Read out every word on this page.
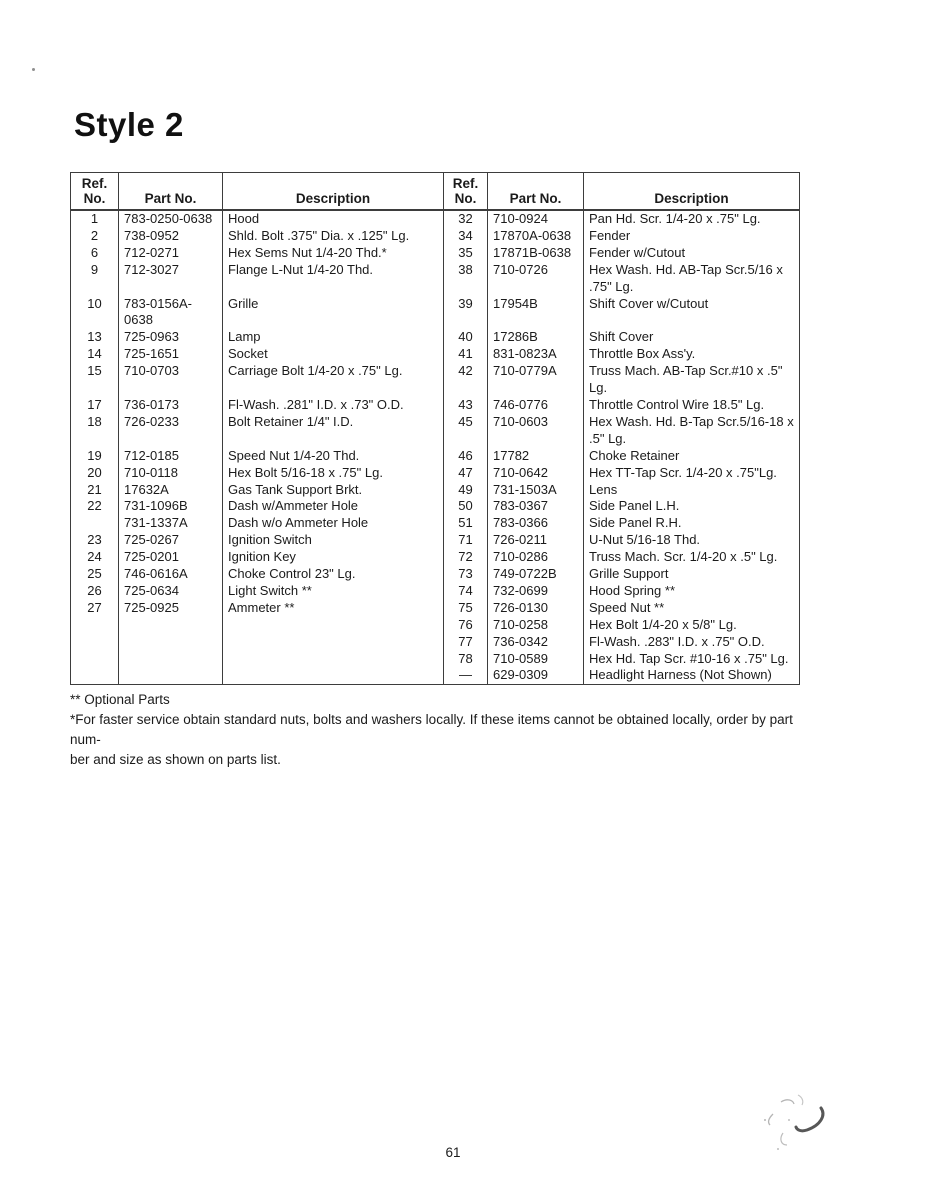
Style 2
Ref.
No.	Part No.	Description	
Ref.
No.	Part No.	Description
1	783-0250-0638	Hood	32	710-0924	Pan Hd. Scr. 1/4-20 x .75" Lg.
2	738-0952	Shld. Bolt .375" Dia. x .125" Lg.	34	17870A-0638	Fender
6	712-0271	Hex Sems Nut 1/4-20 Thd.*	35	17871B-0638	Fender w/Cutout
9	712-3027	Flange L-Nut 1/4-20 Thd.	38	710-0726	Hex Wash. Hd. AB-Tap Scr.5/16 x
					.75" Lg.
10	783-0156A-	Grille	39	17954B	Shift Cover w/Cutout
	0638				
13	725-0963	Lamp	40	17286B	Shift Cover
14	725-1651	Socket	41	831-0823A	Throttle Box Ass'y.
15	710-0703	Carriage Bolt 1/4-20 x .75" Lg.	42	710-0779A	Truss Mach. AB-Tap Scr.#10 x .5"
					Lg.
17	736-0173	Fl-Wash. .281" I.D. x .73" O.D.	43	746-0776	Throttle Control Wire 18.5" Lg.
18	726-0233	Bolt Retainer 1/4" I.D.	45	710-0603	Hex Wash. Hd. B-Tap Scr.5/16-18 x
					.5" Lg.
19	712-0185	Speed Nut 1/4-20 Thd.	46	17782	Choke Retainer
20	710-0118	Hex Bolt 5/16-18 x .75" Lg.	47	710-0642	Hex TT-Tap Scr. 1/4-20 x .75"Lg.
21	17632A	Gas Tank Support Brkt.	49	731-1503A	Lens
22	731-1096B	Dash w/Ammeter Hole	50	783-0367	Side Panel L.H.
	731-1337A	Dash w/o Ammeter Hole	51	783-0366	Side Panel R.H.
23	725-0267	Ignition Switch	71	726-0211	U-Nut 5/16-18 Thd.
24	725-0201	Ignition Key	72	710-0286	Truss Mach. Scr. 1/4-20 x .5" Lg.
25	746-0616A	Choke Control 23" Lg.	73	749-0722B	Grille Support
26	725-0634	Light Switch **	74	732-0699	Hood Spring **
27	725-0925	Ammeter **	75	726-0130	Speed Nut **
			76	710-0258	Hex Bolt 1/4-20 x 5/8" Lg.
			77	736-0342	Fl-Wash. .283" I.D. x .75" O.D.
			78	710-0589	Hex Hd. Tap Scr. #10-16 x .75" Lg.
			—	629-0309	Headlight Harness (Not Shown)
** Optional Parts
*For faster service obtain standard nuts, bolts and washers locally. If these items cannot be obtained locally, order by part num-
ber and size as shown on parts list.
61
